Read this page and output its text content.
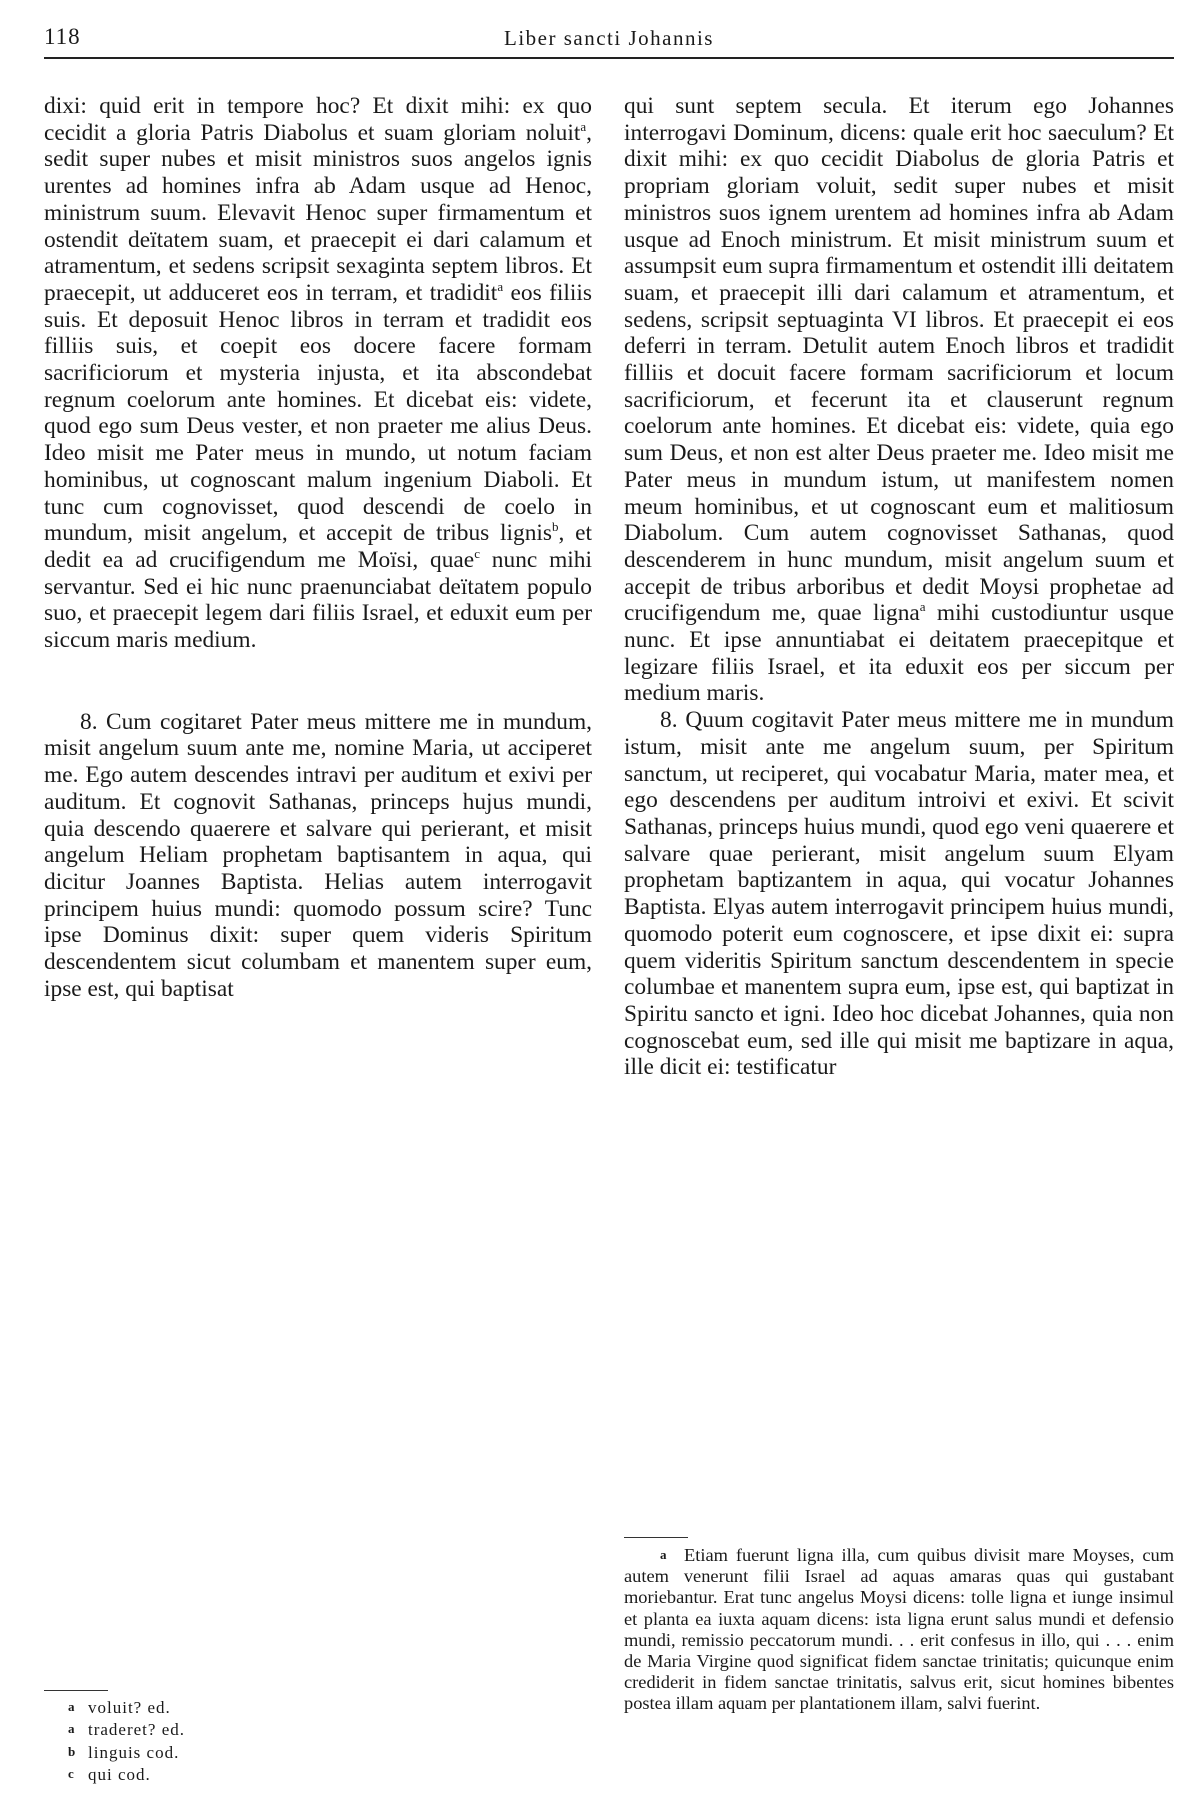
118	Liber sancti Johannis

dixi: quid erit in tempore hoc? Et dixit mihi: ex quo cecidit a gloria Patris Diabolus et suam gloriam noluit$^a$, sedit super nubes et misit ministros suos angelos ignis urentes ad homines infra ab Adam usque ad Henoc, ministrum suum. Elevavit Henoc super firmamentum et ostendit deïtatem suam, et praecepit ei dari calamum et atramentum, et sedens scripsit sexaginta septem libros. Et praecepit, ut adduceret eos in terram, et tradidit$^a$ eos filiis suis. Et deposuit Henoc libros in terram et tradidit eos filliis suis, et coepit eos docere facere formam sacrificiorum et mysteria injusta, et ita abscondebat regnum coelorum ante homines. Et dicebat eis: videte, quod ego sum Deus vester, et non praeter me alius Deus. Ideo misit me Pater meus in mundo, ut notum faciam hominibus, ut cognoscant malum ingenium Diaboli. Et tunc cum cognovisset, quod descendi de coelo in mundum, misit angelum, et accepit de tribus lignis$^b$, et dedit ea ad crucifigendum me Moïsi, quae$^c$ nunc mihi servantur. Sed ei hic nunc praenunciabat deïtatem populo suo, et praecepit legem dari filiis Israel, et eduxit eum per siccum maris medium.

8. Cum cogitaret Pater meus mittere me in mundum, misit angelum suum ante me, nomine Maria, ut acciperet me. Ego autem descendes intravi per auditum et exivi per auditum. Et cognovit Sathanas, princeps hujus mundi, quia descendo quaerere et salvare qui perierant, et misit angelum Heliam prophetam baptisantem in aqua, qui dicitur Joannes Baptista. Helias autem interrogavit principem huius mundi: quomodo possum scire? Tunc ipse Dominus dixit: super quem videris Spiritum descendentem sicut columbam et manentem super eum, ipse est, qui baptisat

qui sunt septem secula. Et iterum ego Johannes interrogavi Dominum, dicens: quale erit hoc saeculum? Et dixit mihi: ex quo cecidit Diabolus de gloria Patris et propriam gloriam voluit, sedit super nubes et misit ministros suos ignem urentem ad homines infra ab Adam usque ad Enoch ministrum. Et misit ministrum suum et assumpsit eum supra firmamentum et ostendit illi deitatem suam, et praecepit illi dari calamum et atramentum, et sedens, scripsit septuaginta VI libros. Et praecepit ei eos deferri in terram. Detulit autem Enoch libros et tradidit filliis et docuit facere formam sacrificiorum et locum sacrificiorum, et fecerunt ita et clauserunt regnum coelorum ante homines. Et dicebat eis: videte, quia ego sum Deus, et non est alter Deus praeter me. Ideo misit me Pater meus in mundum istum, ut manifestem nomen meum hominibus, et ut cognoscant eum et malitiosum Diabolum. Cum autem cognovisset Sathanas, quod descenderem in hunc mundum, misit angelum suum et accepit de tribus arboribus et dedit Moysi prophetae ad crucifigendum me, quae ligna$^a$ mihi custodiuntur usque nunc. Et ipse annuntiabat ei deitatem praecepitque et legizare filiis Israel, et ita eduxit eos per siccum per medium maris.

8. Quum cogitavit Pater meus mittere me in mundum istum, misit ante me angelum suum, per Spiritum sanctum, ut reciperet, qui vocabatur Maria, mater mea, et ego descendens per auditum introivi et exivi. Et scivit Sathanas, princeps huius mundi, quod ego veni quaerere et salvare quae perierant, misit angelum suum Elyam prophetam baptizantem in aqua, qui vocatur Johannes Baptista. Elyas autem interrogavit principem huius mundi, quomodo poterit eum cognoscere, et ipse dixit ei: supra quem videritis Spiritum sanctum descendentem in specie columbae et manentem supra eum, ipse est, qui baptizat in Spiritu sancto et igni. Ideo hoc dicebat Johannes, quia non cognoscebat eum, sed ille qui misit me baptizare in aqua, ille dicit ei: testificatur

a Etiam fuerunt ligna illa, cum quibus divisit mare Moyses, cum autem venerunt filii Israel ad aquas amaras quas qui gustabant moriebantur. Erat tunc angelus Moysi dicens: tolle ligna et iunge insimul et planta ea iuxta aquam dicens: ista ligna erunt salus mundi et defensio mundi, remissio peccatorum mundi. . . erit confesus in illo, qui . . . enim de Maria Virgine quod significat fidem sanctae trinitatis; quicunque enim crediderit in fidem sanctae trinitatis, salvus erit, sicut homines bibentes postea illam aquam per plantationem illam, salvi fuerint.
a voluit? ed.
a traderet? ed.
b linguis cod.
c qui cod.
